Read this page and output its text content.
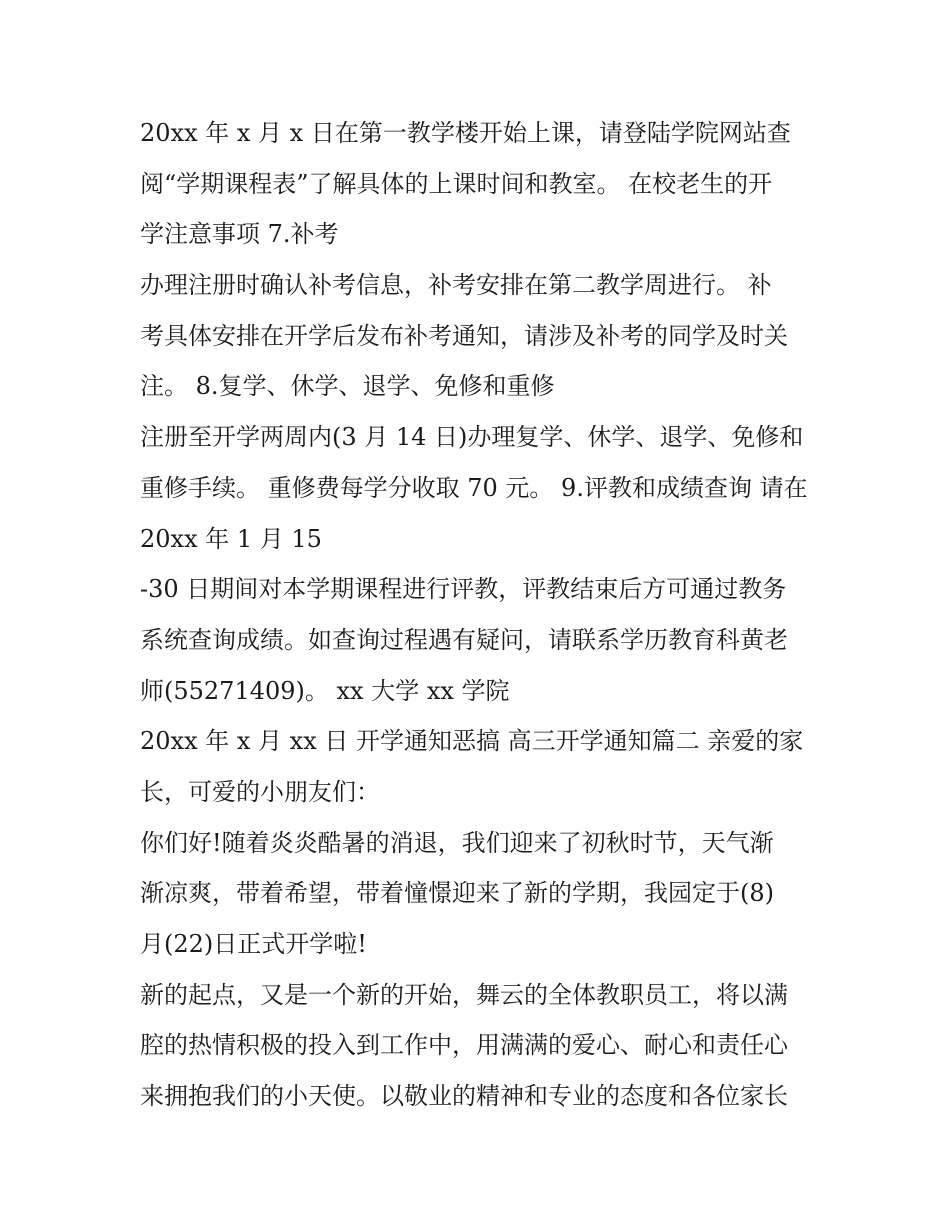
20xx 年 x 月 x 日在第一教学楼开始上课，请登陆学院网站查
阅“学期课程表”了解具体的上课时间和教室。 在校老生的开
学注意事项 7.补考
办理注册时确认补考信息，补考安排在第二教学周进行。 补
考具体安排在开学后发布补考通知，请涉及补考的同学及时关
注。 8.复学、休学、退学、免修和重修
注册至开学两周内(3 月 14 日)办理复学、休学、退学、免修和
重修手续。 重修费每学分收取 70 元。 9.评教和成绩查询 请在
20xx 年 1 月 15
-30 日期间对本学期课程进行评教，评教结束后方可通过教务
系统查询成绩。如查询过程遇有疑问，请联系学历教育科黄老
师(55271409)。 xx 大学 xx 学院
20xx 年 x 月 xx 日 开学通知恶搞 高三开学通知篇二 亲爱的家
长，可爱的小朋友们：
你们好!随着炎炎酷暑的消退，我们迎来了初秋时节，天气渐
渐凉爽，带着希望，带着憧憬迎来了新的学期，我园定于(8)
月(22)日正式开学啦!
新的起点，又是一个新的开始，舞云的全体教职员工，将以满
腔的热情积极的投入到工作中，用满满的爱心、耐心和责任心
来拥抱我们的小天使。以敬业的精神和专业的态度和各位家长
